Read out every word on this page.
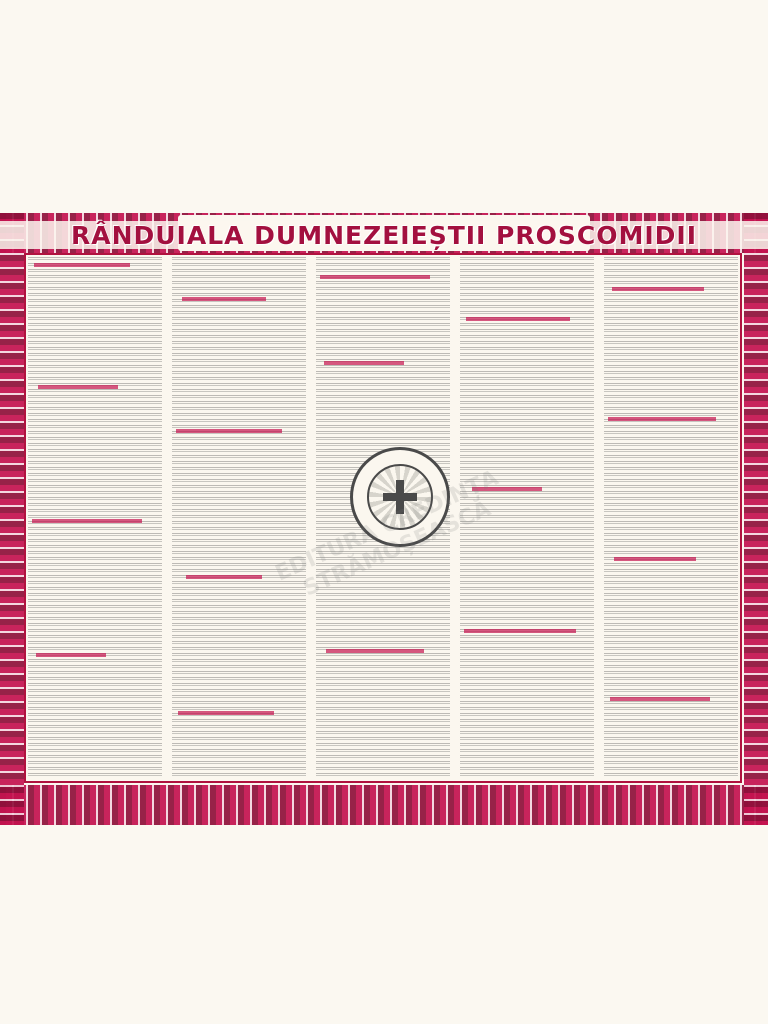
RÂNDUIALA DUMNEZEIEȘTII PROSCOMIDII
EDITURA STRĂMOȘEASCĂ
